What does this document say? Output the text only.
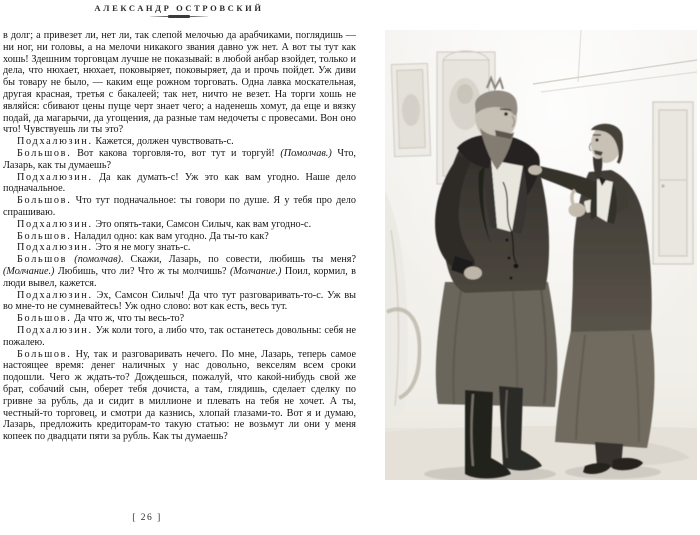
АЛЕКСАНДР ОСТРОВСКИЙ

в долг; а привезет ли, нет ли, так слепой мелочью да арабчиками, поглядишь — ни ног, ни головы, а на мелочи никакого звания давно уж нет. А вот ты тут как хошь! Здешним торговцам лучше не показывай: в любой анбар взойдет, только и дела, что нюхает, нюхает, поковыряет, поковыряет, да и прочь пойдет. Уж диви бы товару не было, — каким еще рожном торговать. Одна лавка москательная, другая красная, третья с бакалеей; так нет, ничто не везет. На торги хошь не являйся: сбивают цены пуще черт знает чего; а наденешь хомут, да еще и вязку подай, да магарычи, да угощения, да разные там недочеты с провесами. Вон оно что! Чувствуешь ли ты это?

Подхалюзин. Кажется, должен чувствовать-с.

Большов. Вот какова торговля-то, вот тут и торгуй! (Помолчав.) Что, Лазарь, как ты думаешь?

Подхалюзин. Да как думать-с! Уж это как вам угодно. Наше дело подначальное.

Большов. Что тут подначальное: ты говори по душе. Я у тебя про дело спрашиваю.

Подхалюзин. Это опять-таки, Самсон Силыч, как вам угодно-с.

Большов. Наладил одно: как вам угодно. Да ты-то как?

Подхалюзин. Это я не могу знать-с.

Большов (помолчав). Скажи, Лазарь, по совести, любишь ты меня? (Молчание.) Любишь, что ли? Что ж ты молчишь? (Молчание.) Поил, кормил, в люди вывел, кажется.

Подхалюзин. Эх, Самсон Силыч! Да что тут разговаривать-то-с. Уж вы во мне-то не сумневайтесь! Уж одно слово: вот как есть, весь тут.

Большов. Да что ж, что ты весь-то?

Подхалюзин. Уж коли того, а либо что, так останетесь довольны: себя не пожалею.

Большов. Ну, так и разговаривать нечего. По мне, Лазарь, теперь самое настоящее время: денег наличных у нас довольно, векселям всем сроки подошли. Чего ж ждать-то? Дождешься, пожалуй, что какой-нибудь свой же брат, собачий сын, оберет тебя дочиста, а там, глядишь, сделает сделку по гривне за рубль, да и сидит в миллионе и плевать на тебя не хочет. А ты, честный-то торговец, и смотри да казнись, хлопай глазами-то. Вот я и думаю, Лазарь, предложить кредиторам-то такую статью: не возьмут ли они у меня копеек по двадцати пяти за рубль. Как ты думаешь?

[ 26 ]
